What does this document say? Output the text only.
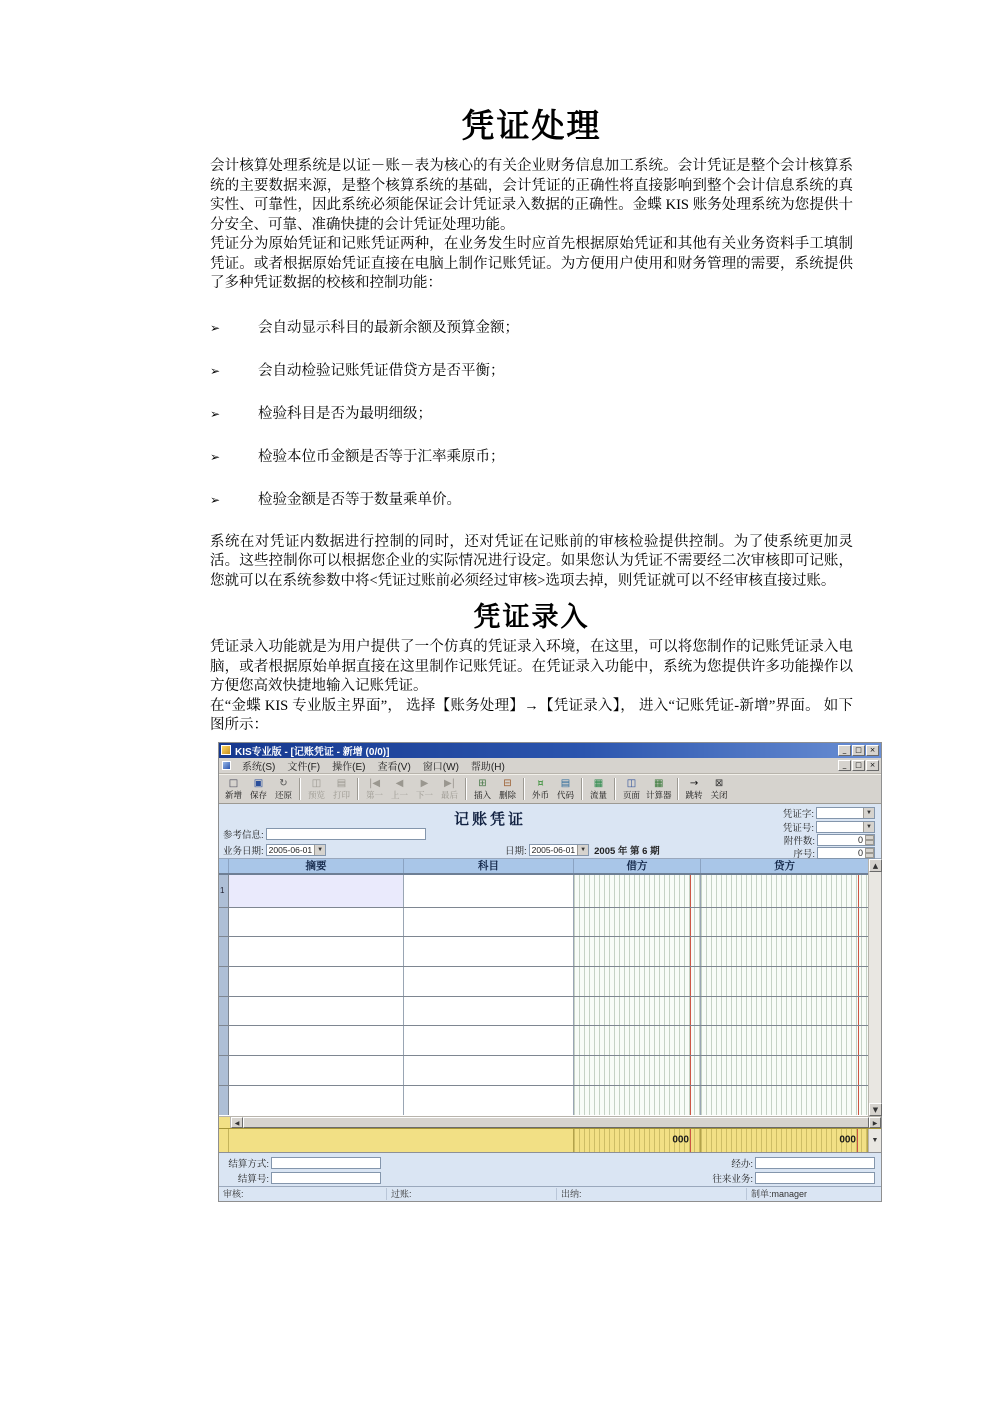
凭证处理
会计核算处理系统是以证－账－表为核心的有关企业财务信息加工系统。会计凭证是整个会计核算系统的主要数据来源，是整个核算系统的基础，会计凭证的正确性将直接影响到整个会计信息系统的真实性、可靠性，因此系统必须能保证会计凭证录入数据的正确性。金蝶 KIS 账务处理系统为您提供十分安全、可靠、准确快捷的会计凭证处理功能。
凭证分为原始凭证和记账凭证两种，在业务发生时应首先根据原始凭证和其他有关业务资料手工填制凭证。或者根据原始凭证直接在电脑上制作记账凭证。为方便用户使用和财务管理的需要，系统提供了多种凭证数据的校核和控制功能：
➢	会自动显示科目的最新余额及预算金额；
➢	会自动检验记账凭证借贷方是否平衡；
➢	检验科目是否为最明细级；
➢	检验本位币金额是否等于汇率乘原币；
➢	检验金额是否等于数量乘单价。
系统在对凭证内数据进行控制的同时，还对凭证在记账前的审核检验提供控制。为了使系统更加灵活。这些控制你可以根据您企业的实际情况进行设定。如果您认为凭证不需要经二次审核即可记账，您就可以在系统参数中将<凭证过账前必须经过审核>选项去掉，则凭证就可以不经审核直接过账。
凭证录入
凭证录入功能就是为用户提供了一个仿真的凭证录入环境，在这里，可以将您制作的记账凭证录入电脑，或者根据原始单据直接在这里制作记账凭证。在凭证录入功能中，系统为您提供许多功能操作以方便您高效快捷地输入记账凭证。
在“金蝶 KIS 专业版主界面”， 选择【账务处理】→【凭证录入】， 进入“记账凭证-新增”界面。 如下图所示：
KIS专业版 - [记账凭证 - 新增 (0/0)]	_	□	×
系统(S)	文件(F)	操作(E)	查看(V)	窗口(W)	帮助(H)	_	□	×
□
新增
▣
保存
↻
还原
◫
预览
▤
打印
|◀
第一
◀
上一
▶
下一
▶|
最后
⊞
插入
⊟
删除
¤
外币
▤
代码
▦
流量
◫
页面
▦
计算器
→
跳转
⊠
关闭
记账凭证	凭证字:	▼
凭证号:	▼
附件数:	0
序号:	0
参考信息:
业务日期: 2005-06-01 ▼	日期: 2005-06-01 ▼ 2005 年 第 6 期
摘要	科目	借方	贷方
1
▲
▼
◀	▶
000	000	▼
结算方式:
结算号:
经办:
往来业务:
审核:	过账:	出纳:	制单:manager
